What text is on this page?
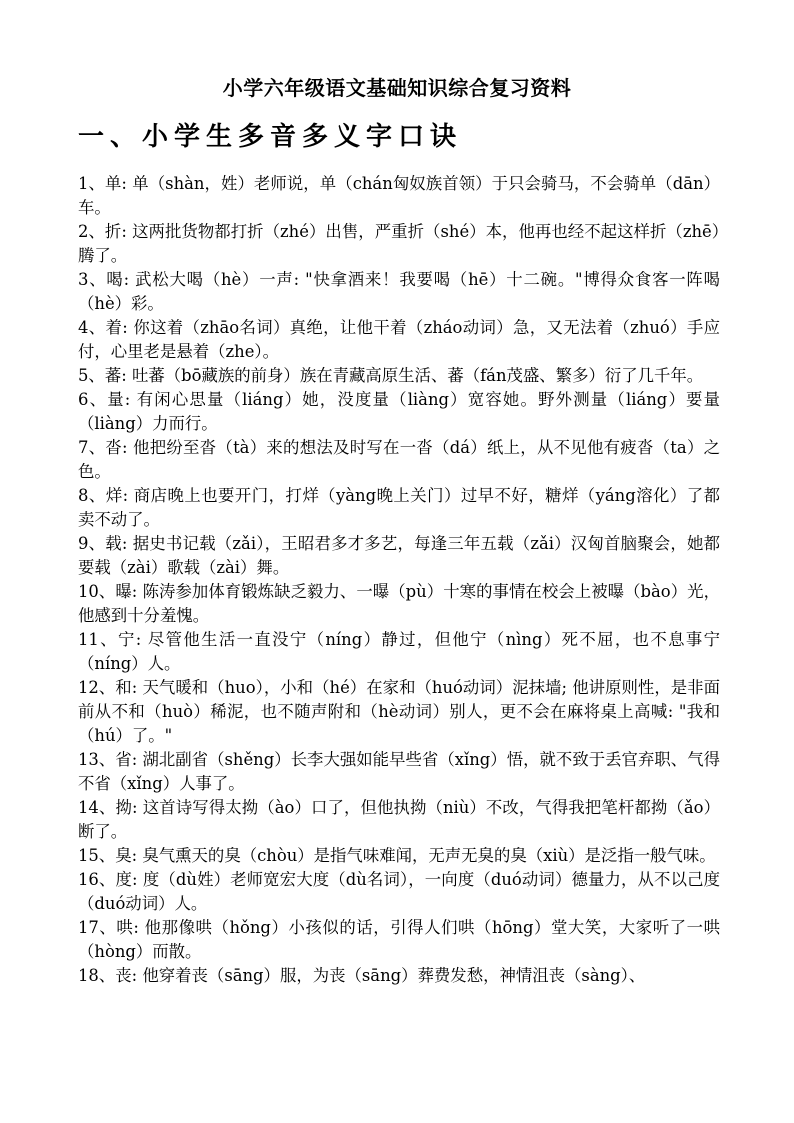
小学六年级语文基础知识综合复习资料
一、小学生多音多义字口诀

1、单: 单（shàn，姓）老师说，单（chán匈奴族首领）于只会骑马，不会骑单（dān）车。

2、折: 这两批货物都打折（zhé）出售，严重折（shé）本，他再也经不起这样折（zhē）腾了。

3、喝: 武松大喝（hè）一声: "快拿酒来！我要喝（hē）十二碗。"博得众食客一阵喝（hè）彩。

4、着: 你这着（zhāo名词）真绝，让他干着（zháo动词）急，又无法着（zhuó）手应付，心里老是悬着（zhe）。

5、蕃: 吐蕃（bō藏族的前身）族在青藏高原生活、蕃（fán茂盛、繁多）衍了几千年。

6、量: 有闲心思量（liáng）她，没度量（liàng）宽容她。野外测量（liáng）要量（liàng）力而行。

7、沓: 他把纷至沓（tà）来的想法及时写在一沓（dá）纸上，从不见他有疲沓（ta）之色。

8、烊: 商店晚上也要开门，打烊（yàng晚上关门）过早不好，糖烊（yáng溶化）了都卖不动了。

9、载: 据史书记载（zǎi），王昭君多才多艺，每逢三年五载（zǎi）汉匈首脑聚会，她都要载（zài）歌载（zài）舞。

10、曝: 陈涛参加体育锻炼缺乏毅力、一曝（pù）十寒的事情在校会上被曝（bào）光，他感到十分羞愧。

11、宁: 尽管他生活一直没宁（níng）静过，但他宁（nìng）死不屈，也不息事宁（níng）人。

12、和: 天气暖和（huo），小和（hé）在家和（huó动词）泥抹墙; 他讲原则性，是非面前从不和（huò）稀泥，也不随声附和（hè动词）别人，更不会在麻将桌上高喊: "我和（hú）了。"

13、省: 湖北副省（shěng）长李大强如能早些省（xǐng）悟，就不致于丢官弃职、气得不省（xǐng）人事了。

14、拗: 这首诗写得太拗（ào）口了，但他执拗（niù）不改，气得我把笔杆都拗（ǎo）断了。

15、臭: 臭气熏天的臭（chòu）是指气味难闻，无声无臭的臭（xiù）是泛指一般气味。

16、度: 度（dù姓）老师宽宏大度（dù名词），一向度（duó动词）德量力，从不以己度（duó动词）人。

17、哄: 他那像哄（hǒng）小孩似的话，引得人们哄（hōng）堂大笑，大家听了一哄（hòng）而散。

18、丧: 他穿着丧（sāng）服，为丧（sāng）葬费发愁，神情沮丧（sàng）、
